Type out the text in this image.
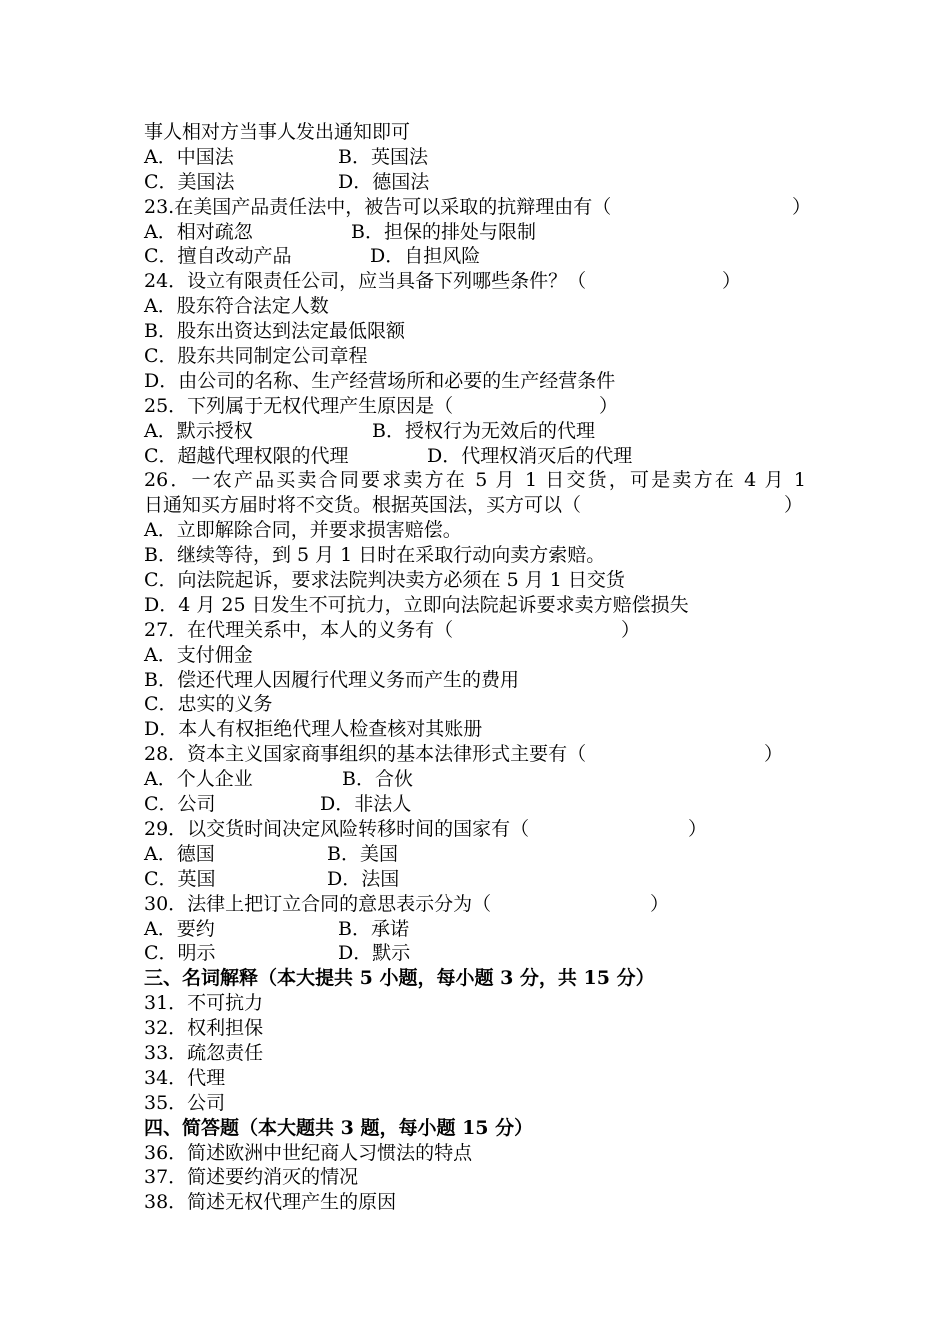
事人相对方当事人发出通知即可
A．中国法	B．英国法
C．美国法	D．德国法
23.在美国产品责任法中，被告可以采取的抗辩理由有（	）
A．相对疏忽	B．担保的排处与限制
C．擅自改动产品	D．自担风险
24．设立有限责任公司，应当具备下列哪些条件？（	）
A．股东符合法定人数
B．股东出资达到法定最低限额
C．股东共同制定公司章程
D．由公司的名称、生产经营场所和必要的生产经营条件
25．下列属于无权代理产生原因是（	）
A．默示授权	B．授权行为无效后的代理
C．超越代理权限的代理	D．代理权消灭后的代理
26．一农产品买卖合同要求卖方在 5 月 1 日交货，可是卖方在 4 月 1
日通知买方届时将不交货。根据英国法，买方可以（	）
A．立即解除合同，并要求损害赔偿。
B．继续等待，到 5 月 1 日时在采取行动向卖方索赔。
C．向法院起诉，要求法院判决卖方必须在 5 月 1 日交货
D．4 月 25 日发生不可抗力，立即向法院起诉要求卖方赔偿损失
27．在代理关系中，本人的义务有（	）
A．支付佣金
B．偿还代理人因履行代理义务而产生的费用
C．忠实的义务
D．本人有权拒绝代理人检查核对其账册
28．资本主义国家商事组织的基本法律形式主要有（	）
A．个人企业	B．合伙
C．公司	D．非法人
29．以交货时间决定风险转移时间的国家有（	）
A．德国	B．美国
C．英国	D．法国
30．法律上把订立合同的意思表示分为（	）
A．要约	B．承诺
C．明示	D．默示
三、名词解释（本大提共 5 小题，每小题 3 分，共 15 分）
31．不可抗力
32．权利担保
33．疏忽责任
34．代理
35．公司
四、简答题（本大题共 3 题，每小题 15 分）
36．简述欧洲中世纪商人习惯法的特点
37．简述要约消灭的情况
38．简述无权代理产生的原因
